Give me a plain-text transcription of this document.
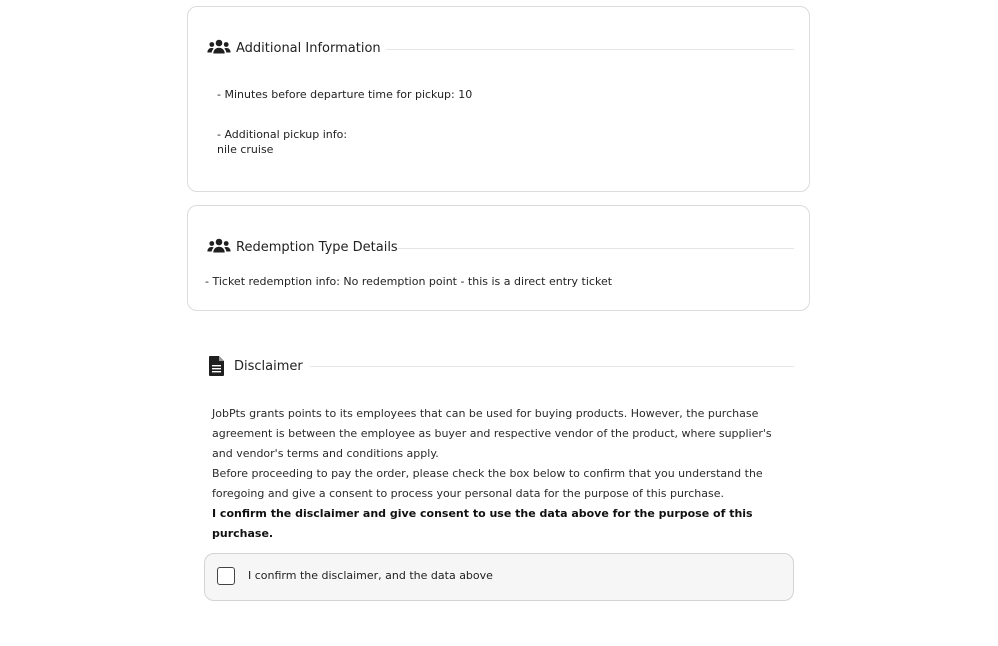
Additional Information
- Minutes before departure time for pickup: 10
- Additional pickup info:
nile cruise
Redemption Type Details
- Ticket redemption info: No redemption point - this is a direct entry ticket
Disclaimer

JobPts grants points to its employees that can be used for buying products. However, the purchase agreement is between the employee as buyer and respective vendor of the product, where supplier's and vendor's terms and conditions apply.

Before proceeding to pay the order, please check the box below to confirm that you understand the foregoing and give a consent to process your personal data for the purpose of this purchase.

I confirm the disclaimer and give consent to use the data above for the purpose of this purchase.

I confirm the disclaimer, and the data above
